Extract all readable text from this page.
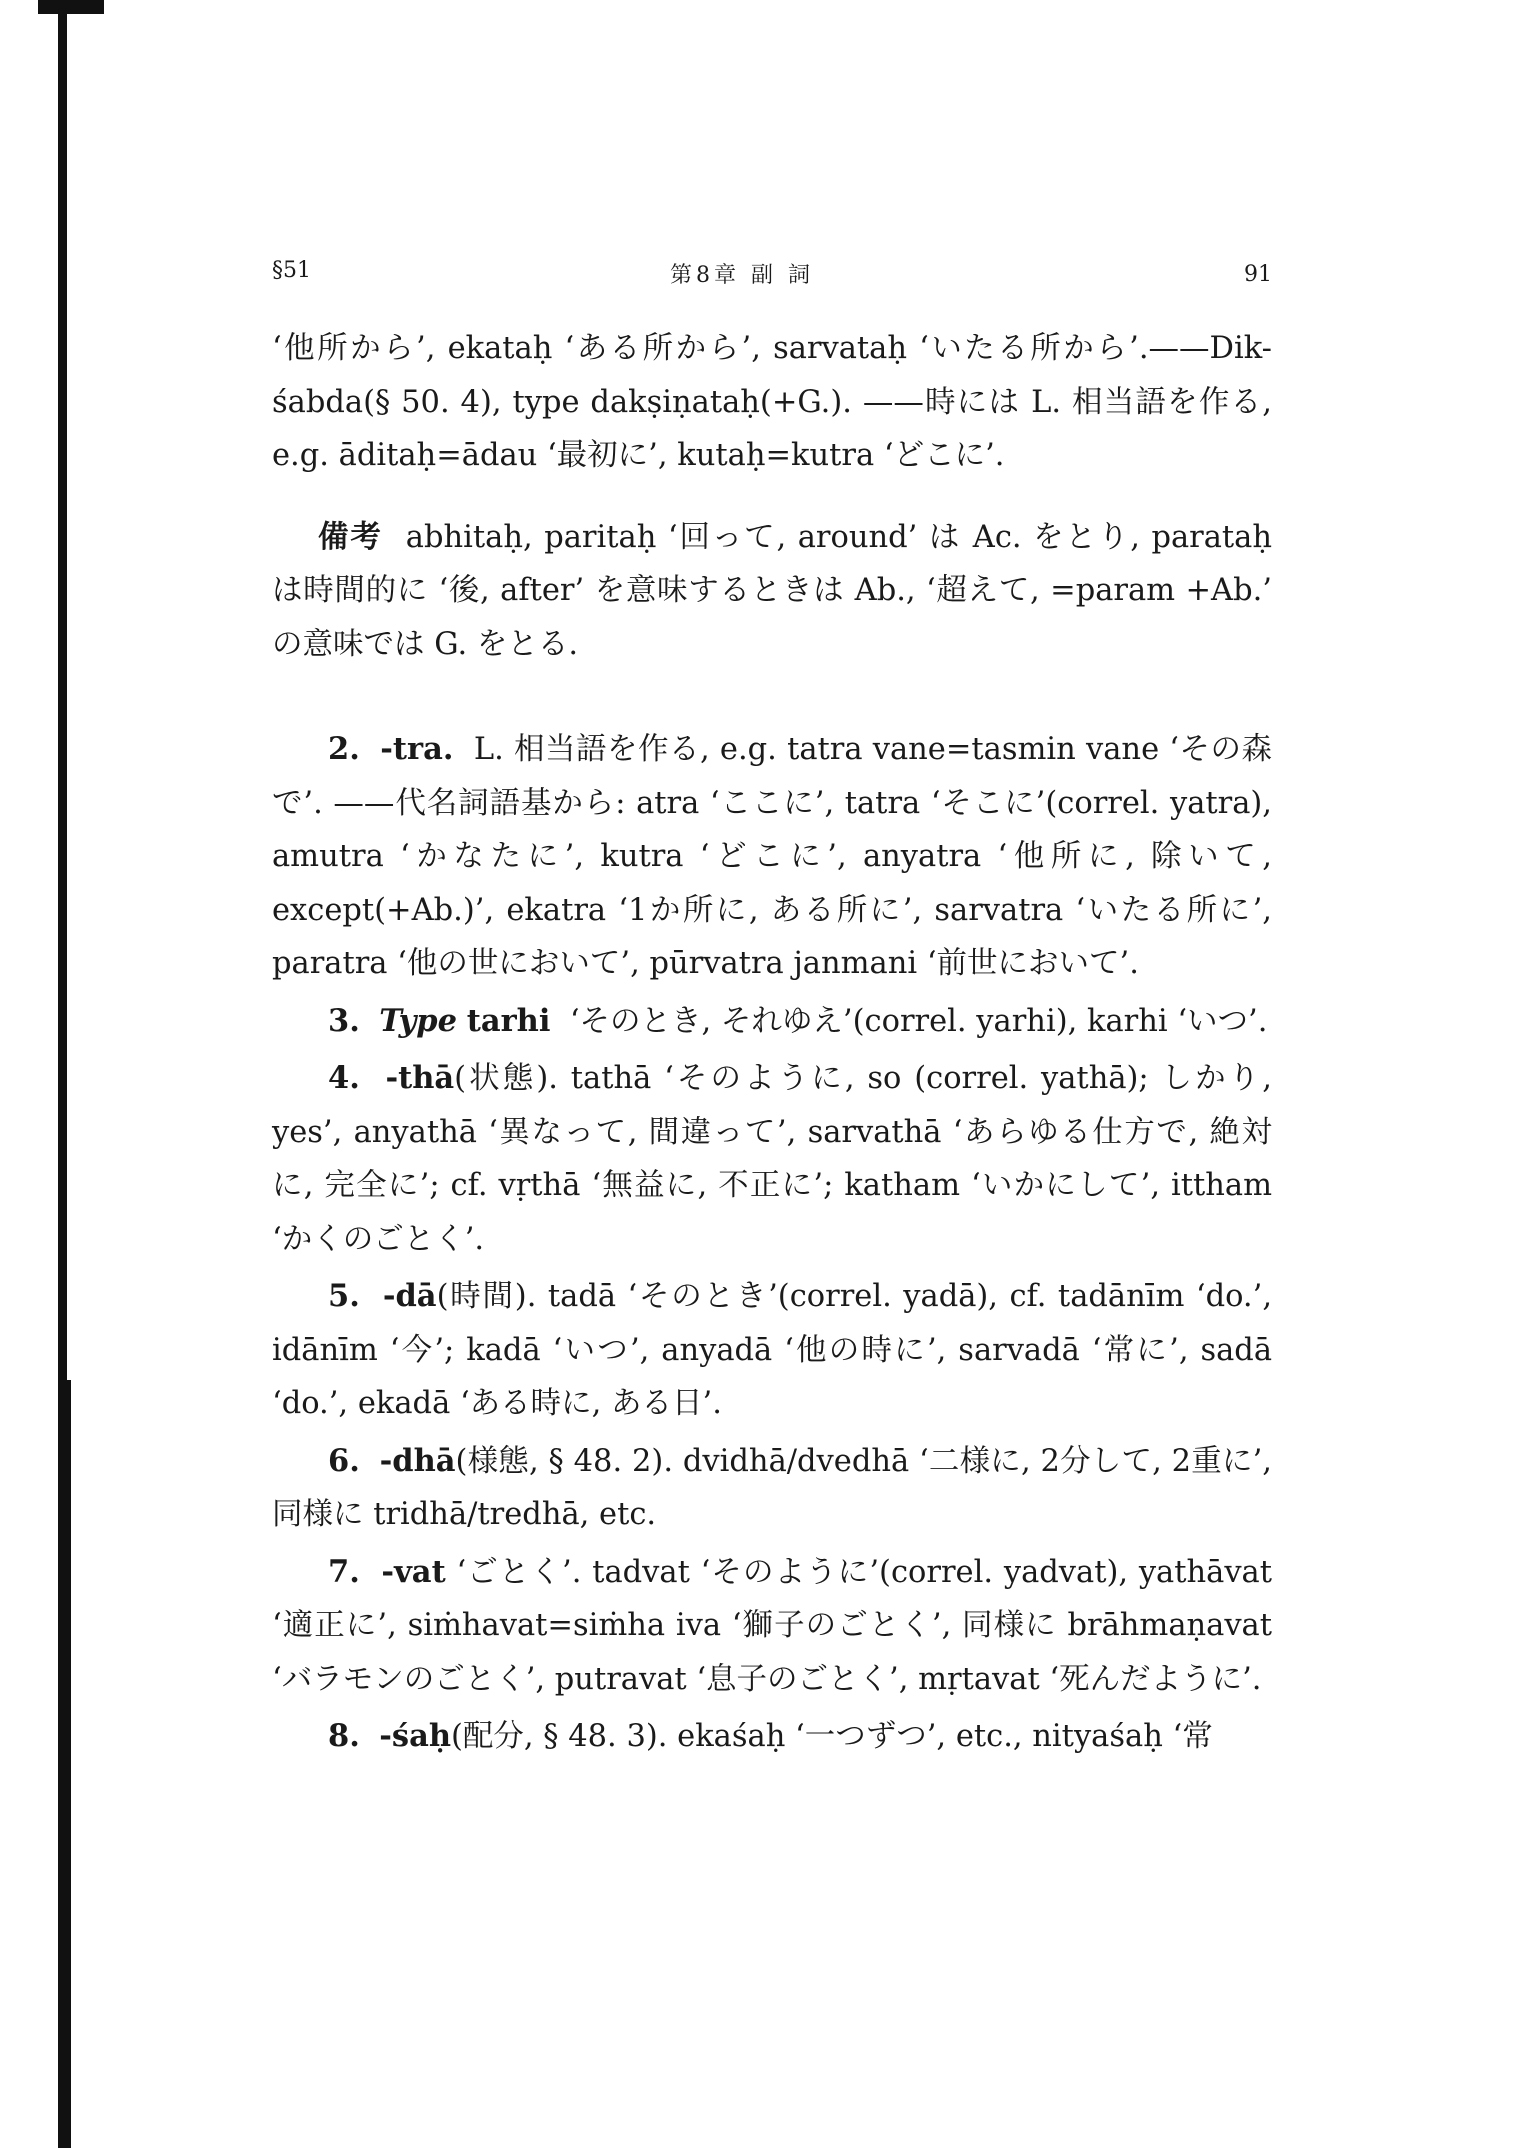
§51	第8章 副 詞	91

‘他所から’, ekataḥ ‘ある所から’, sarvataḥ ‘いたる所から’.——Dik-śabda(§ 50. 4), type dakṣiṇataḥ(+G.). ——時には L. 相当語を作る, e.g. āditaḥ=ādau ‘最初に’, kutaḥ=kutra ‘どこに’.

備考 abhitaḥ, paritaḥ ‘回って, around’ は Ac. をとり, parataḥ は時間的に ‘後, after’ を意味するときは Ab., ‘超えて, =param +Ab.’ の意味では G. をとる.

2. -tra. L. 相当語を作る, e.g. tatra vane=tasmin vane ‘その森で’. ——代名詞語基から: atra ‘ここに’, tatra ‘そこに’(correl. yatra), amutra ‘かなたに’, kutra ‘どこに’, anyatra ‘他所に, 除いて, except(+Ab.)’, ekatra ‘1か所に, ある所に’, sarvatra ‘いたる所に’, paratra ‘他の世において’, pūrvatra janmani ‘前世において’.

3. Type tarhi ‘そのとき, それゆえ’(correl. yarhi), karhi ‘いつ’.

4. -thā(状態). tathā ‘そのように, so (correl. yathā); しかり, yes’, anyathā ‘異なって, 間違って’, sarvathā ‘あらゆる仕方で, 絶対に, 完全に’; cf. vṛthā ‘無益に, 不正に’; katham ‘いかにして’, ittham ‘かくのごとく’.

5. -dā(時間). tadā ‘そのとき’(correl. yadā), cf. tadānīm ‘do.’, idānīm ‘今’; kadā ‘いつ’, anyadā ‘他の時に’, sarvadā ‘常に’, sadā ‘do.’, ekadā ‘ある時に, ある日’.

6. -dhā(様態, § 48. 2). dvidhā/dvedhā ‘二様に, 2分して, 2重に’, 同様に tridhā/tredhā, etc.

7. -vat ‘ごとく’. tadvat ‘そのように’(correl. yadvat), yathāvat ‘適正に’, siṁhavat=siṁha iva ‘獅子のごとく’, 同様に brāhmaṇavat ‘バラモンのごとく’, putravat ‘息子のごとく’, mṛtavat ‘死んだように’.

8. -śaḥ(配分, § 48. 3). ekaśaḥ ‘一つずつ’, etc., nityaśaḥ ‘常
